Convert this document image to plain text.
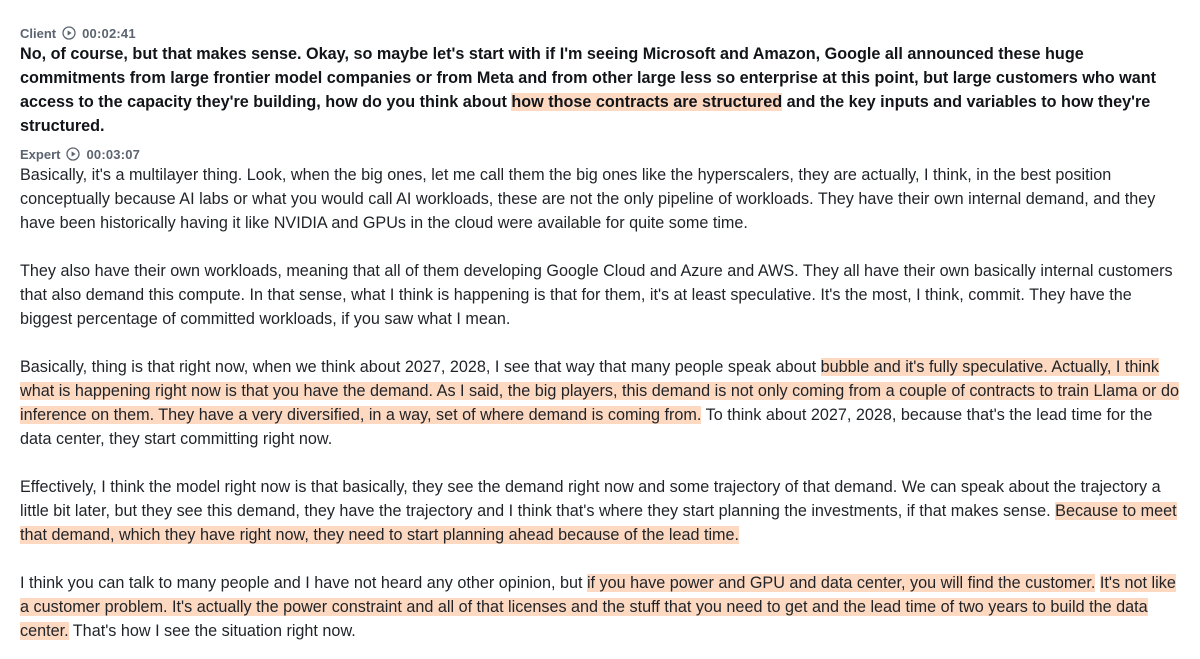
Client 00:02:41

No, of course, but that makes sense. Okay, so maybe let's start with if I'm seeing Microsoft and Amazon, Google all announced these huge commitments from large frontier model companies or from Meta and from other large less so enterprise at this point, but large customers who want access to the capacity they're building, how do you think about how those contracts are structured and the key inputs and variables to how they're structured.

Expert 00:03:07

Basically, it's a multilayer thing. Look, when the big ones, let me call them the big ones like the hyperscalers, they are actually, I think, in the best position conceptually because AI labs or what you would call AI workloads, these are not the only pipeline of workloads. They have their own internal demand, and they have been historically having it like NVIDIA and GPUs in the cloud were available for quite some time.

They also have their own workloads, meaning that all of them developing Google Cloud and Azure and AWS. They all have their own basically internal customers that also demand this compute. In that sense, what I think is happening is that for them, it's at least speculative. It's the most, I think, commit. They have the biggest percentage of committed workloads, if you saw what I mean.

Basically, thing is that right now, when we think about 2027, 2028, I see that way that many people speak about bubble and it's fully speculative. Actually, I think what is happening right now is that you have the demand. As I said, the big players, this demand is not only coming from a couple of contracts to train Llama or do inference on them. They have a very diversified, in a way, set of where demand is coming from. To think about 2027, 2028, because that's the lead time for the data center, they start committing right now.

Effectively, I think the model right now is that basically, they see the demand right now and some trajectory of that demand. We can speak about the trajectory a little bit later, but they see this demand, they have the trajectory and I think that's where they start planning the investments, if that makes sense. Because to meet that demand, which they have right now, they need to start planning ahead because of the lead time.

I think you can talk to many people and I have not heard any other opinion, but if you have power and GPU and data center, you will find the customer. It's not like a customer problem. It's actually the power constraint and all of that licenses and the stuff that you need to get and the lead time of two years to build the data center. That's how I see the situation right now.
